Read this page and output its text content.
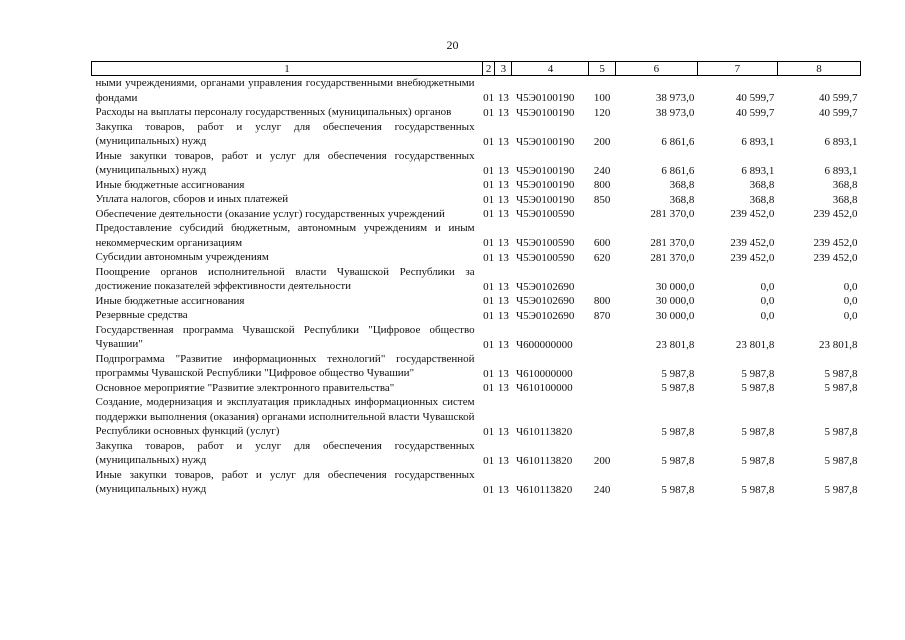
20
1	2	3	4	5	6	7	8
ными учреждениями, органами управления государственными внебюджетными фондами	01	13	Ч5Э0100190	100	38 973,0	40 599,7	40 599,7
Расходы на выплаты персоналу государственных (муниципальных) органов	01	13	Ч5Э0100190	120	38 973,0	40 599,7	40 599,7
Закупка товаров, работ и услуг для обеспечения государственных (муниципальных) нужд	01	13	Ч5Э0100190	200	6 861,6	6 893,1	6 893,1
Иные закупки товаров, работ и услуг для обеспечения государственных (муниципальных) нужд	01	13	Ч5Э0100190	240	6 861,6	6 893,1	6 893,1
Иные бюджетные ассигнования	01	13	Ч5Э0100190	800	368,8	368,8	368,8
Уплата налогов, сборов и иных платежей	01	13	Ч5Э0100190	850	368,8	368,8	368,8
Обеспечение деятельности (оказание услуг) государственных учреждений	01	13	Ч5Э0100590		281 370,0	239 452,0	239 452,0
Предоставление субсидий бюджетным, автономным учреждениям и иным некоммерческим организациям	01	13	Ч5Э0100590	600	281 370,0	239 452,0	239 452,0
Субсидии автономным учреждениям	01	13	Ч5Э0100590	620	281 370,0	239 452,0	239 452,0
Поощрение органов исполнительной власти Чувашской Республики за достижение показателей эффективности деятельности	01	13	Ч5Э0102690		30 000,0	0,0	0,0
Иные бюджетные ассигнования	01	13	Ч5Э0102690	800	30 000,0	0,0	0,0
Резервные средства	01	13	Ч5Э0102690	870	30 000,0	0,0	0,0
Государственная программа Чувашской Республики "Цифровое общество Чувашии"	01	13	Ч600000000		23 801,8	23 801,8	23 801,8
Подпрограмма "Развитие информационных технологий" государственной программы Чувашской Республики "Цифровое общество Чувашии"	01	13	Ч610000000		5 987,8	5 987,8	5 987,8
Основное мероприятие "Развитие электронного правительства"	01	13	Ч610100000		5 987,8	5 987,8	5 987,8
Создание, модернизация и эксплуатация прикладных информационных систем поддержки выполнения (оказания) органами исполнительной власти Чувашской Республики основных функций (услуг)	01	13	Ч610113820		5 987,8	5 987,8	5 987,8
Закупка товаров, работ и услуг для обеспечения государственных (муниципальных) нужд	01	13	Ч610113820	200	5 987,8	5 987,8	5 987,8
Иные закупки товаров, работ и услуг для обеспечения государственных (муниципальных) нужд	01	13	Ч610113820	240	5 987,8	5 987,8	5 987,8
